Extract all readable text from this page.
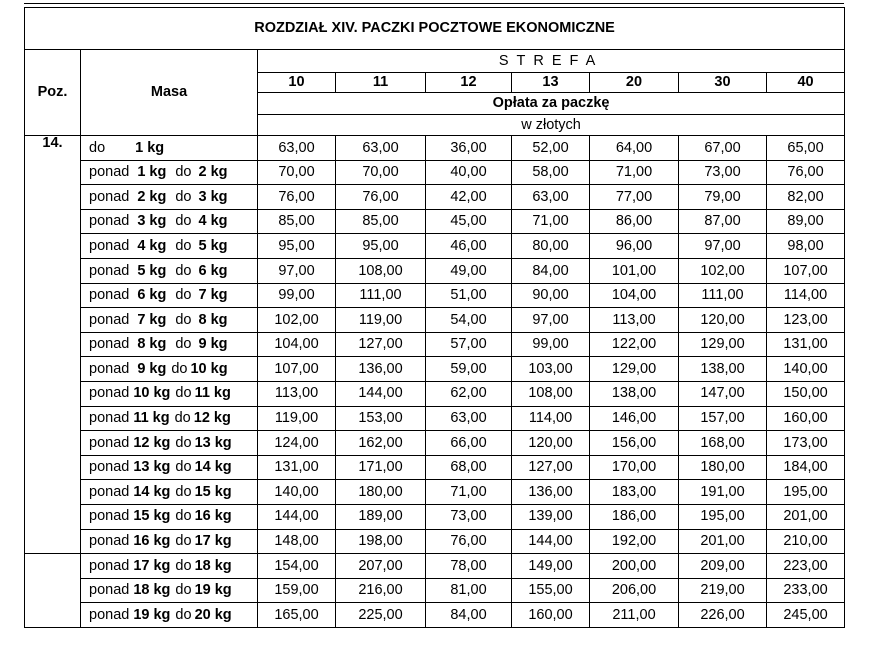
ROZDZIAŁ XIV. PACZKI POCZTOWE EKONOMICZNE								
Poz.	Masa	STREFA						
		10	11	12	13	20	30	40
		Opłata za paczkę						
		w złotych						
14.	do 1 kg	63,00	63,00	36,00	52,00	64,00	67,00	65,00
	ponad 1 kg do 2 kg	70,00	70,00	40,00	58,00	71,00	73,00	76,00
	ponad 2 kg do 3 kg	76,00	76,00	42,00	63,00	77,00	79,00	82,00
	ponad 3 kg do 4 kg	85,00	85,00	45,00	71,00	86,00	87,00	89,00
	ponad 4 kg do 5 kg	95,00	95,00	46,00	80,00	96,00	97,00	98,00
	ponad 5 kg do 6 kg	97,00	108,00	49,00	84,00	101,00	102,00	107,00
	ponad 6 kg do 7 kg	99,00	111,00	51,00	90,00	104,00	111,00	114,00
	ponad 7 kg do 8 kg	102,00	119,00	54,00	97,00	113,00	120,00	123,00
	ponad 8 kg do 9 kg	104,00	127,00	57,00	99,00	122,00	129,00	131,00
	ponad 9 kg do 10 kg	107,00	136,00	59,00	103,00	129,00	138,00	140,00
	ponad 10 kg do 11 kg	113,00	144,00	62,00	108,00	138,00	147,00	150,00
	ponad 11 kg do 12 kg	119,00	153,00	63,00	114,00	146,00	157,00	160,00
	ponad 12 kg do 13 kg	124,00	162,00	66,00	120,00	156,00	168,00	173,00
	ponad 13 kg do 14 kg	131,00	171,00	68,00	127,00	170,00	180,00	184,00
	ponad 14 kg do 15 kg	140,00	180,00	71,00	136,00	183,00	191,00	195,00
	ponad 15 kg do 16 kg	144,00	189,00	73,00	139,00	186,00	195,00	201,00
	ponad 16 kg do 17 kg	148,00	198,00	76,00	144,00	192,00	201,00	210,00
	ponad 17 kg do 18 kg	154,00	207,00	78,00	149,00	200,00	209,00	223,00
	ponad 18 kg do 19 kg	159,00	216,00	81,00	155,00	206,00	219,00	233,00
	ponad 19 kg do 20 kg	165,00	225,00	84,00	160,00	211,00	226,00	245,00
